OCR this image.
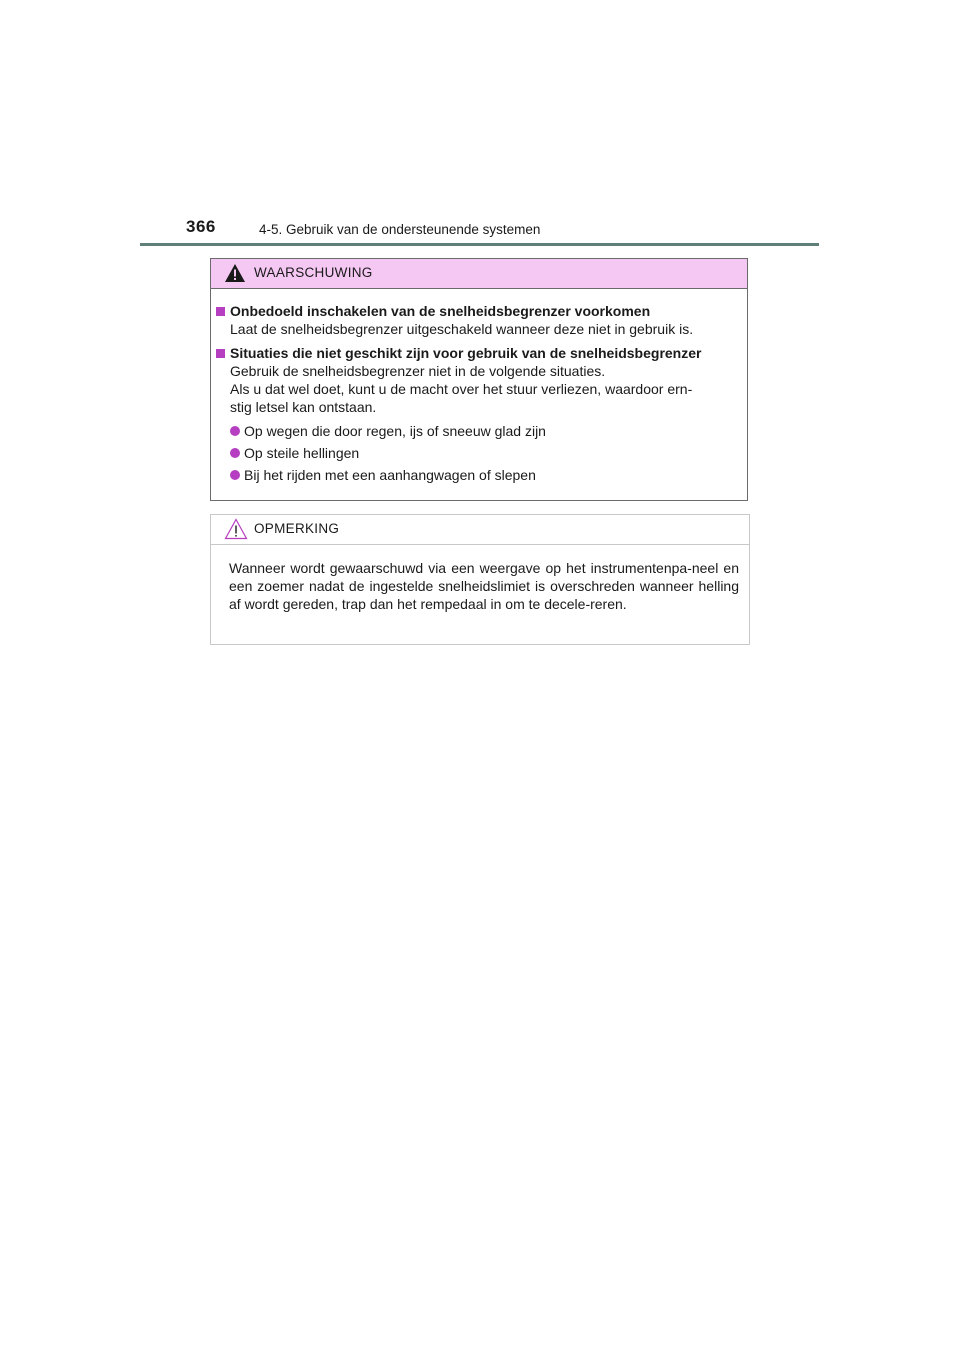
366	4-5. Gebruik van de ondersteunende systemen
WAARSCHUWING
Onbedoeld inschakelen van de snelheidsbegrenzer voorkomen
Laat de snelheidsbegrenzer uitgeschakeld wanneer deze niet in gebruik is.
Situaties die niet geschikt zijn voor gebruik van de snelheidsbegrenzer
Gebruik de snelheidsbegrenzer niet in de volgende situaties.
Als u dat wel doet, kunt u de macht over het stuur verliezen, waardoor ern-
stig letsel kan ontstaan.
Op wegen die door regen, ijs of sneeuw glad zijn
Op steile hellingen
Bij het rijden met een aanhangwagen of slepen
OPMERKING
Wanneer wordt gewaarschuwd via een weergave op het instrumentenpa-neel en een zoemer nadat de ingestelde snelheidslimiet is overschreden wanneer helling af wordt gereden, trap dan het rempedaal in om te decele-reren.
